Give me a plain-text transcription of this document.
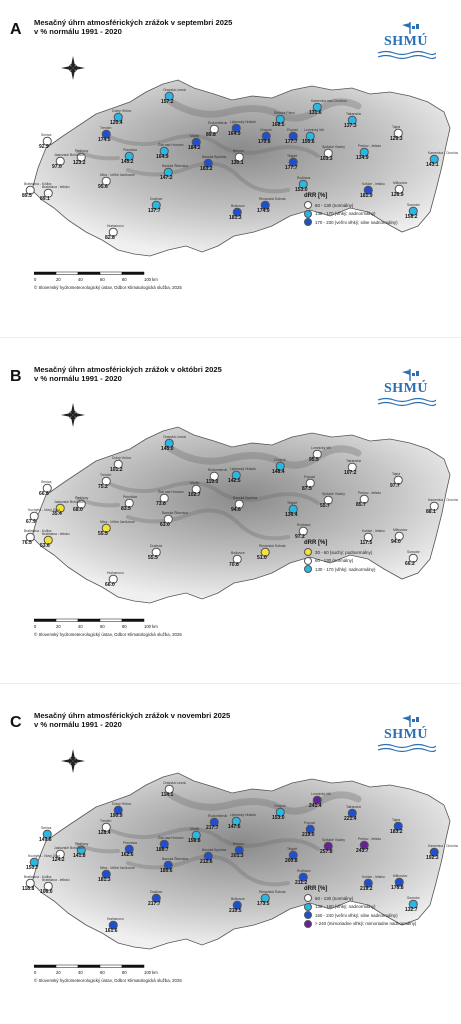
A Mesačný úhrn atmosférických zrážok v septembri 2025
v % normálu 1991 - 2020
SHMÚ
Dolný Hričov
120.4
Oravská Lesná
157.2
Senica
92.9
Trenčín
174.5
Piešťany
123.2
Jaslovské Bohunice
97.0
Bratislava - letisko
89.1
Bratislava - Koliba
89.5
Nitra - Veľké Janíkovce
95.6
Hurbanovo
82.8
Prievidza
145.2
Žiar nad Hronom
164.9
Banská Štiavnica
147.2
Dudince
137.7
Martin
184.2
Ružomberok
89.8
Liptovský Hrádok
164.9
Banská Bystrica
183.2
Brezno
130.1
Chopok
170.8
Poprad
177.7
Štrbské Pleso
168.5
Lomnický štít
150.6
Kamenica nad Cirochou
131.6
Spišské Vlachy
103.3
Telgárt
177.7
Rožňava
153.0
Bolkovce
181.3
Rimavská Sobota
174.9
Košice - letisko
181.9
Prešov - letisko
134.9
Tatranská
137.3	Tajná
129.3
Kamenica - Cirocha
143.1
Milhostov
126.9
Somotor
158.2
dRR [%]
60 - 130 (normálny)
130 - 170 (vlhký; nadnormálny)
170 - 230 (veľmi vlhký; silne nadnormálny)
0	20	40	60	80	100 km
© Slovenský hydrometeorologický ústav, Odbor Klimatologická služba, 2025
B Mesačný úhrn atmosférických zrážok v októbri 2025
v % normálu 1991 - 2020
SHMÚ
Dolný Hričov
101.2
Oravská Lesná
145.0
Senica
66.6
Trenčín
75.2
Piešťany
68.0
Jaslovské Bohunice
35.4
Kuchyňa - Nový Dvor
67.9
Bratislava - letisko
53.6
Bratislava - Koliba
76.5
Nitra - Veľké Janíkovce
55.5
Hurbanovo
66.0
Prievidza
83.5
Žiar nad Hronom
73.8
Banská Štiavnica
63.0
Dudince
55.5
Martin
102.7
Ružomberok
119.0
Liptovský Hrádok
142.5
Banská Bystrica
94.6
Chopok
148.4
Poprad
87.5
Lomnický štít
95.5
Spišské Vlachy
55.7
Telgárt
136.4
Rožňava
97.2
Bolkovce
70.8
Rimavská Sobota
51.0
Košice - letisko
117.5
Prešov - letisko
85.7
Tatranská
107.2	Tajná
97.7
Kamenica - Cirocha
88.1
Milhostov
94.0
Somotor
66.2
dRR [%]
30 - 60 (suchý; podnormálny)
60 - 130 (normálny)
130 - 170 (vlhký; nadnormálny)
0	20	40	60	80	100 km
© Slovenský hydrometeorologický ústav, Odbor Klimatologická služba, 2025
C Mesačný úhrn atmosférických zrážok v novembri 2025
v % normálu 1991 - 2020
SHMÚ
Dolný Hričov
190.9
Oravská Lesná
114.1
Senica
149.6
Trenčín
128.4
Piešťany
141.8
Jaslovské Bohunice
124.2
Kuchyňa - Nový Dvor
150.7
Bratislava - letisko
106.0
Bratislava - Koliba
118.8
Nitra - Veľké Janíkovce
181.3
Hurbanovo
161.6
Prievidza
162.6
Žiar nad Hronom
188.7
Banská Štiavnica
185.6
Dudince
217.7
Martin
156.8
Ružomberok
217.7
Liptovský Hrádok
147.6
Banská Bystrica
212.6
Brezno
201.3
Chopok
153.0
Poprad
219.0
Lomnický štít
241.4
Spišské Vlachy
257.8
Telgárt
200.8
Rožňava
211.2
Bolkovce
210.5
Rimavská Sobota
173.5
Košice - letisko
219.2
Prešov - letisko
243.7
Tatranská
221.4	Tajná
183.2
Kamenica - Cirocha
192.3
Milhostov
176.8
Somotor
132.7
dRR [%]
60 - 130 (normálny)
130 - 160 (vlhký; nadnormálny)
160 - 240 (veľmi vlhký; silne nadnormálny)
> 240 (mimoriadne vlhký; mimoriadne nadnormálny)
0	20	40	60	80	100 km
© Slovenský hydrometeorologický ústav, Odbor Klimatologická služba, 2025
